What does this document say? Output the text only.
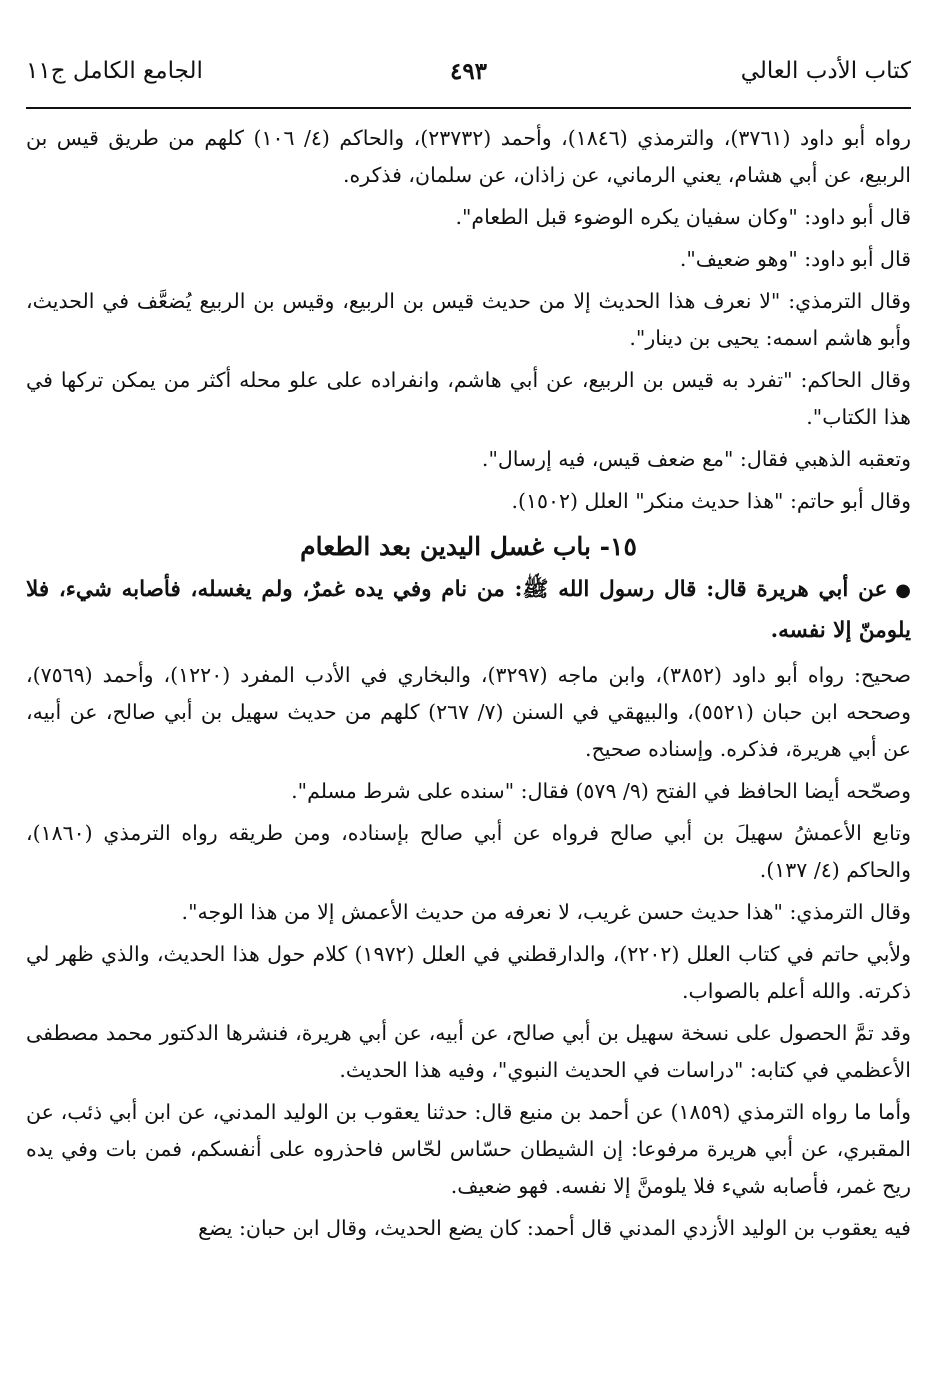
كتاب الأدب العالي
٤٩٣
الجامع الكامل ج١١

رواه أبو داود (٣٧٦١)، والترمذي (١٨٤٦)، وأحمد (٢٣٧٣٢)، والحاكم (٤/ ١٠٦) كلهم من طريق قيس بن الربيع، عن أبي هشام، يعني الرماني، عن زاذان، عن سلمان، فذكره.

قال أبو داود: "وكان سفيان يكره الوضوء قبل الطعام".

قال أبو داود: "وهو ضعيف".

وقال الترمذي: "لا نعرف هذا الحديث إلا من حديث قيس بن الربيع، وقيس بن الربيع يُضعَّف في الحديث، وأبو هاشم اسمه: يحيى بن دينار".

وقال الحاكم: "تفرد به قيس بن الربيع، عن أبي هاشم، وانفراده على علو محله أكثر من يمكن تركها في هذا الكتاب".

وتعقبه الذهبي فقال: "مع ضعف قيس، فيه إرسال".

وقال أبو حاتم: "هذا حديث منكر" العلل (١٥٠٢).

١٥- باب غسل اليدين بعد الطعام

●عن أبي هريرة قال: قال رسول الله ﷺ: من نام وفي يده غمرٌ، ولم يغسله، فأصابه شيء، فلا يلومنّ إلا نفسه.

صحيح: رواه أبو داود (٣٨٥٢)، وابن ماجه (٣٢٩٧)، والبخاري في الأدب المفرد (١٢٢٠)، وأحمد (٧٥٦٩)، وصححه ابن حبان (٥٥٢١)، والبيهقي في السنن (٧/ ٢٦٧) كلهم من حديث سهيل بن أبي صالح، عن أبيه، عن أبي هريرة، فذكره. وإسناده صحيح.

وصحّحه أيضا الحافظ في الفتح (٩/ ٥٧٩) فقال: "سنده على شرط مسلم".

وتابع الأعمشُ سهيلَ بن أبي صالح فرواه عن أبي صالح بإسناده، ومن طريقه رواه الترمذي (١٨٦٠)، والحاكم (٤/ ١٣٧).

وقال الترمذي: "هذا حديث حسن غريب، لا نعرفه من حديث الأعمش إلا من هذا الوجه".

ولأبي حاتم في كتاب العلل (٢٢٠٢)، والدارقطني في العلل (١٩٧٢) كلام حول هذا الحديث، والذي ظهر لي ذكرته. والله أعلم بالصواب.

وقد تمَّ الحصول على نسخة سهيل بن أبي صالح، عن أبيه، عن أبي هريرة، فنشرها الدكتور محمد مصطفى الأعظمي في كتابه: "دراسات في الحديث النبوي"، وفيه هذا الحديث.

وأما ما رواه الترمذي (١٨٥٩) عن أحمد بن منيع قال: حدثنا يعقوب بن الوليد المدني، عن ابن أبي ذئب، عن المقبري، عن أبي هريرة مرفوعا: إن الشيطان حسّاس لحّاس فاحذروه على أنفسكم، فمن بات وفي يده ريح غمر، فأصابه شيء فلا يلومنَّ إلا نفسه. فهو ضعيف.

فيه يعقوب بن الوليد الأزدي المدني قال أحمد: كان يضع الحديث، وقال ابن حبان: يضع
